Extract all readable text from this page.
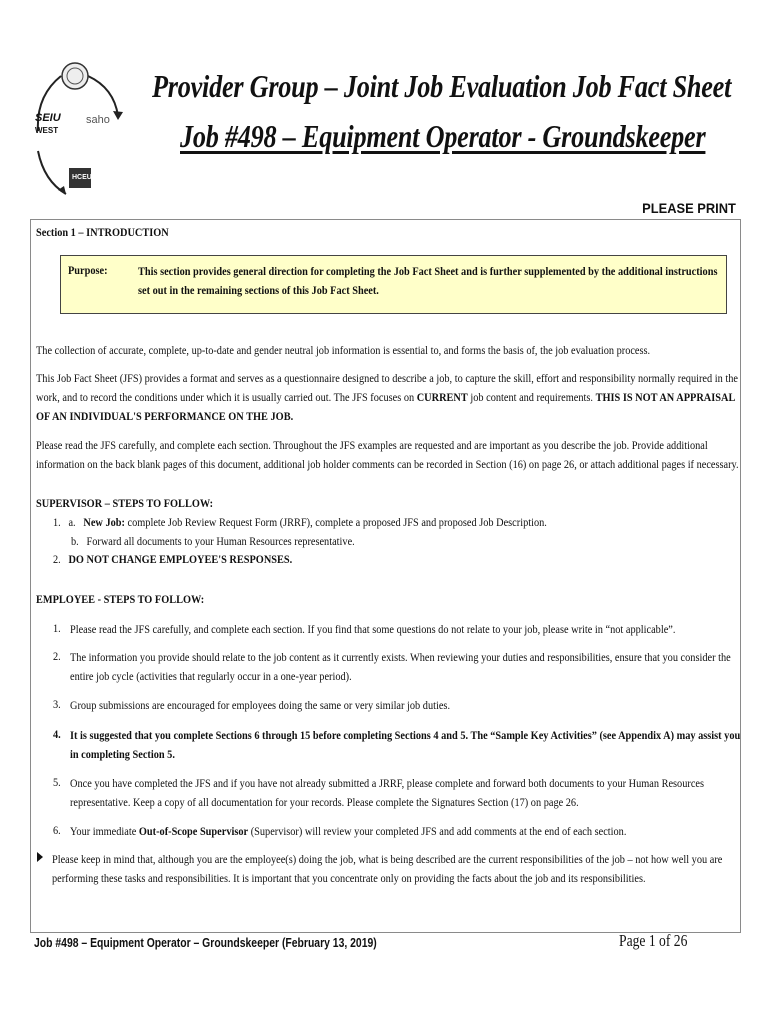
SEIU
WEST
saho
HCEU
Provider Group – Joint Job Evaluation Job Fact Sheet
Job #498 – Equipment Operator - Groundskeeper
PLEASE PRINT
Section 1 – INTRODUCTION
Purpose:	This section provides general direction for completing the Job Fact Sheet and is further supplemented by the additional instructions set out in the remaining sections of this Job Fact Sheet.
The collection of accurate, complete, up-to-date and gender neutral job information is essential to, and forms the basis of, the job evaluation process.
This Job Fact Sheet (JFS) provides a format and serves as a questionnaire designed to describe a job, to capture the skill, effort and responsibility normally required in the work, and to record the conditions under which it is usually carried out. The JFS focuses on CURRENT job content and requirements. THIS IS NOT AN APPRAISAL OF AN INDIVIDUAL'S PERFORMANCE ON THE JOB.
Please read the JFS carefully, and complete each section. Throughout the JFS examples are requested and are important as you describe the job. Provide additional information on the back blank pages of this document, additional job holder comments can be recorded in Section (16) on page 26, or attach additional pages if necessary.
SUPERVISOR – STEPS TO FOLLOW:
1. a. New Job: complete Job Review Request Form (JRRF), complete a proposed JFS and proposed Job Description.
b. Forward all documents to your Human Resources representative.
2. DO NOT CHANGE EMPLOYEE'S RESPONSES.
EMPLOYEE - STEPS TO FOLLOW:
1. Please read the JFS carefully, and complete each section. If you find that some questions do not relate to your job, please write in “not applicable”.
2. The information you provide should relate to the job content as it currently exists. When reviewing your duties and responsibilities, ensure that you consider the entire job cycle (activities that regularly occur in a one-year period).
3. Group submissions are encouraged for employees doing the same or very similar job duties.
4. It is suggested that you complete Sections 6 through 15 before completing Sections 4 and 5. The “Sample Key Activities” (see Appendix A) may assist you in completing Section 5.
5. Once you have completed the JFS and if you have not already submitted a JRRF, please complete and forward both documents to your Human Resources representative. Keep a copy of all documentation for your records. Please complete the Signatures Section (17) on page 26.
6. Your immediate Out-of-Scope Supervisor (Supervisor) will review your completed JFS and add comments at the end of each section.
Please keep in mind that, although you are the employee(s) doing the job, what is being described are the current responsibilities of the job – not how well you are performing these tasks and responsibilities. It is important that you concentrate only on providing the facts about the job and its responsibilities.
Job #498 – Equipment Operator – Groundskeeper (February 13, 2019)	Page 1 of 26
